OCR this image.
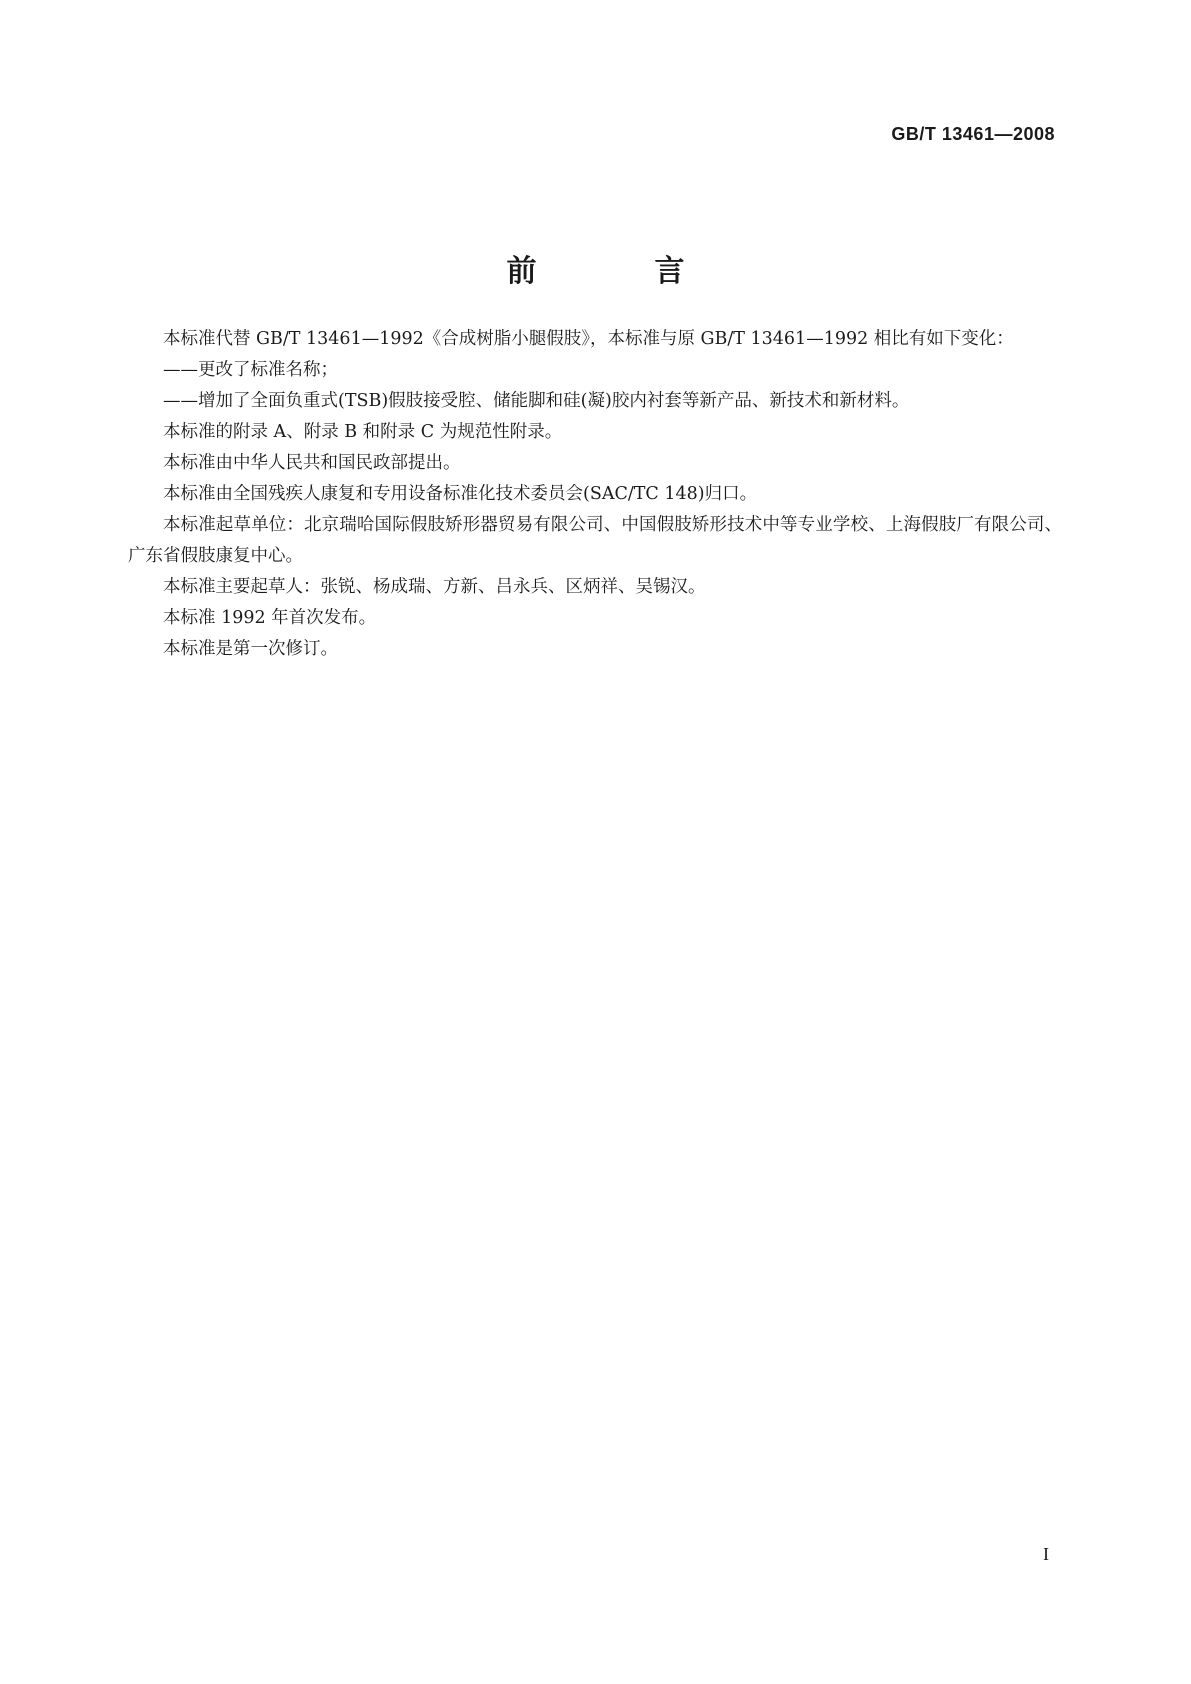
GB/T 13461—2008
前　言

本标准代替 GB/T 13461—1992《合成树脂小腿假肢》，本标准与原 GB/T 13461—1992 相比有如下变化：

——更改了标准名称；

——增加了全面负重式(TSB)假肢接受腔、储能脚和硅(凝)胶内衬套等新产品、新技术和新材料。

本标准的附录 A、附录 B 和附录 C 为规范性附录。

本标准由中华人民共和国民政部提出。

本标准由全国残疾人康复和专用设备标准化技术委员会(SAC/TC 148)归口。

本标准起草单位：北京瑞哈国际假肢矫形器贸易有限公司、中国假肢矫形技术中等专业学校、上海假肢厂有限公司、广东省假肢康复中心。

本标准主要起草人：张锐、杨成瑞、方新、吕永兵、区炳祥、吴锡汉。

本标准 1992 年首次发布。

本标准是第一次修订。

I
